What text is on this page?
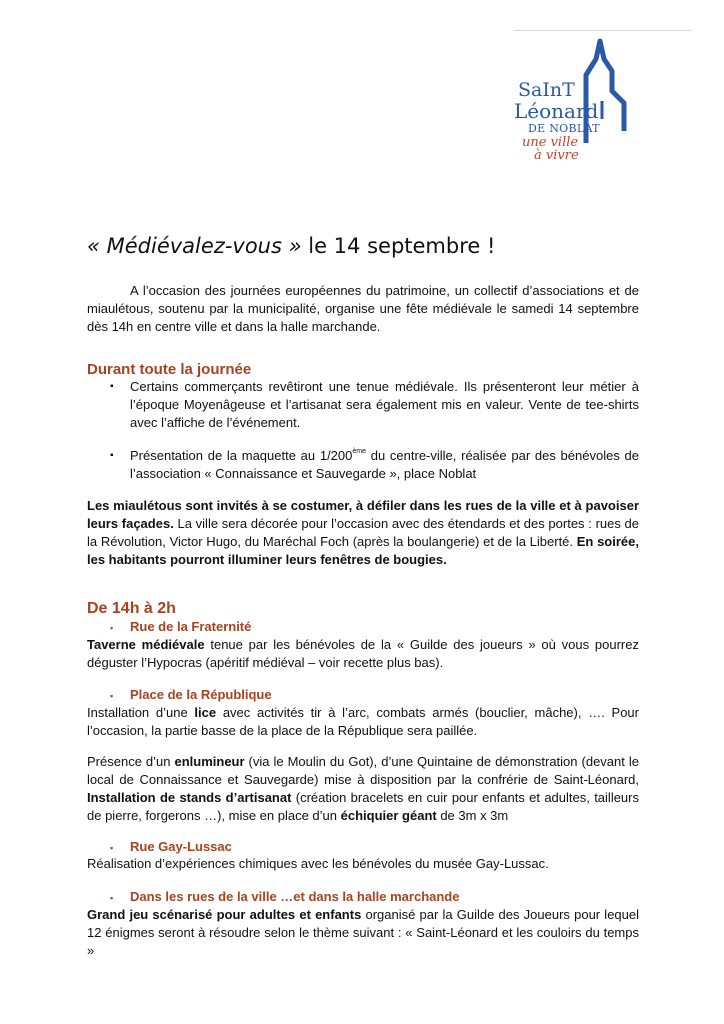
SaInT
Léonard
DE NOBLAT
une ville
à vivre
« Médiévalez-vous » le 14 septembre !
A l’occasion des journées européennes du patrimoine, un collectif d’associations et de miaulétous, soutenu par la municipalité, organise une fête médiévale le samedi 14 septembre dès 14h en centre ville et dans la halle marchande.
Durant toute la journée
▪ Certains commerçants revêtiront une tenue médiévale. Ils présenteront leur métier à l’époque Moyenâgeuse et l’artisanat sera également mis en valeur. Vente de tee-shirts avec l’affiche de l’événement.
▪ Présentation de la maquette au 1/200ème du centre-ville, réalisée par des bénévoles de l’association « Connaissance et Sauvegarde », place Noblat
Les miaulétous sont invités à se costumer, à défiler dans les rues de la ville et à pavoiser leurs façades. La ville sera décorée pour l’occasion avec des étendards et des portes : rues de la Révolution, Victor Hugo, du Maréchal Foch (après la boulangerie) et de la Liberté. En soirée, les habitants pourront illuminer leurs fenêtres de bougies.
De 14h à 2h
▪ Rue de la Fraternité
Taverne médiévale tenue par les bénévoles de la « Guilde des joueurs » où vous pourrez déguster l’Hypocras (apéritif médiéval – voir recette plus bas).
▪ Place de la République
Installation d’une lice avec activités tir à l’arc, combats armés (bouclier, mâche), …. Pour l’occasion, la partie basse de la place de la République sera paillée.
Présence d’un enlumineur (via le Moulin du Got), d’une Quintaine de démonstration (devant le local de Connaissance et Sauvegarde) mise à disposition par la confrérie de Saint-Léonard, Installation de stands d’artisanat (création bracelets en cuir pour enfants et adultes, tailleurs de pierre, forgerons …), mise en place d’un échiquier géant de 3m x 3m
▪ Rue Gay-Lussac
Réalisation d’expériences chimiques avec les bénévoles du musée Gay-Lussac.
▪ Dans les rues de la ville …et dans la halle marchande
Grand jeu scénarisé pour adultes et enfants organisé par la Guilde des Joueurs pour lequel 12 énigmes seront à résoudre selon le thème suivant : « Saint-Léonard et les couloirs du temps »
